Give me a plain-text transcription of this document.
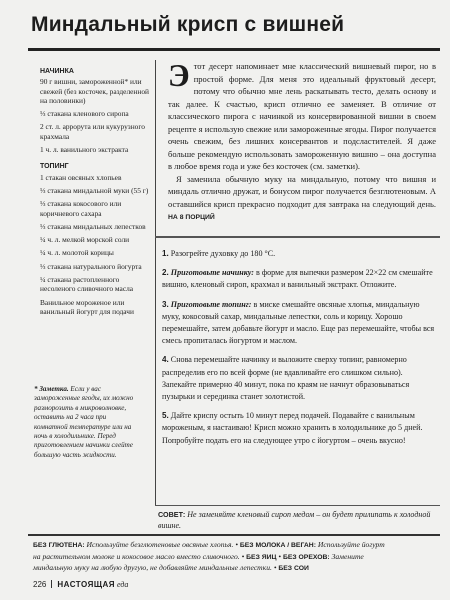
Миндальный крисп с вишней
НАЧИНКА
90 г вишни, замороженной* или свежей (без косточек, разделенной на половинки)
⅓ стакана кленового сиропа
2 ст. л. аррорута или кукурузного крахмала
1 ч. л. ванильного экстракта
ТОПИНГ
1 стакан овсяных хлопьев
⅓ стакана миндальной муки (55 г)
⅓ стакана кокосового или коричневого сахара
⅓ стакана миндальных лепестков
¼ ч. л. мелкой морской соли
¼ ч. л. молотой корицы
⅓ стакана натурального йогурта
¼ стакана растопленного несоленого сливочного масла
Ванильное мороженое или ванильный йогурт для подачи
* Заметка. Если у вас замороженные ягоды, их можно разморозить в микроволновке, оставить на 2 часа при комнатной температуре или на ночь в холодильнике. Перед приготовлением начинки слейте большую часть жидкости.

Этот десерт напоминает мне классический вишневый пирог, но в простой форме. Для меня это идеальный фруктовый десерт, потому что обычно мне лень раскатывать тесто, делать основу и так далее. К счастью, крисп отлично ее заменяет. В отличие от классического пирога с начинкой из консервированной вишни в своем рецепте я использую свежие или замороженные ягоды. Пирог получается очень свежим, без лишних консервантов и подсластителей. Я даже больше рекомендую использовать замороженную вишню – она доступна в любое время года и уже без косточек (см. заметки).

Я заменила обычную муку на миндальную, потому что вишня и миндаль отлично дружат, и бонусом пирог получается безглютеновым. А оставшийся крисп прекрасно подходит для завтрака на следующий день. НА 8 ПОРЦИЙ

1. Разогрейте духовку до 180 °C.
2. Приготовьте начинку: в форме для выпечки размером 22×22 см смешайте вишню, кленовый сироп, крахмал и ванильный экстракт. Отложите.
3. Приготовьте топинг: в миске смешайте овсяные хлопья, миндальную муку, кокосовый сахар, миндальные лепестки, соль и корицу. Хорошо перемешайте, затем добавьте йогурт и масло. Еще раз перемешайте, чтобы вся смесь пропиталась йогуртом и маслом.
4. Снова перемешайте начинку и выложите сверху топинг, равномерно распределив его по всей форме (не вдавливайте его слишком сильно). Запекайте примерно 40 минут, пока по краям не начнут образовываться пузырьки и серединка станет золотистой.
5. Дайте криспу остыть 10 минут перед подачей. Подавайте с ванильным мороженым, я настаиваю! Крисп можно хранить в холодильнике до 5 дней. Попробуйте подать его на следующее утро с йогуртом – очень вкусно!

СОВЕТ: Не заменяйте кленовый сироп медом – он будет прилипать к холодной вишне.

БЕЗ ГЛЮТЕНА: Используйте безглютеновые овсяные хлопья. • БЕЗ МОЛОКА / ВЕГАН: Используйте йогурт на растительном молоке и кокосовое масло вместо сливочного. • БЕЗ ЯИЦ • БЕЗ ОРЕХОВ: Замените миндальную муку на любую другую, не добавляйте миндальные лепестки. • БЕЗ СОИ

226 НАСТОЯЩАЯ еда
